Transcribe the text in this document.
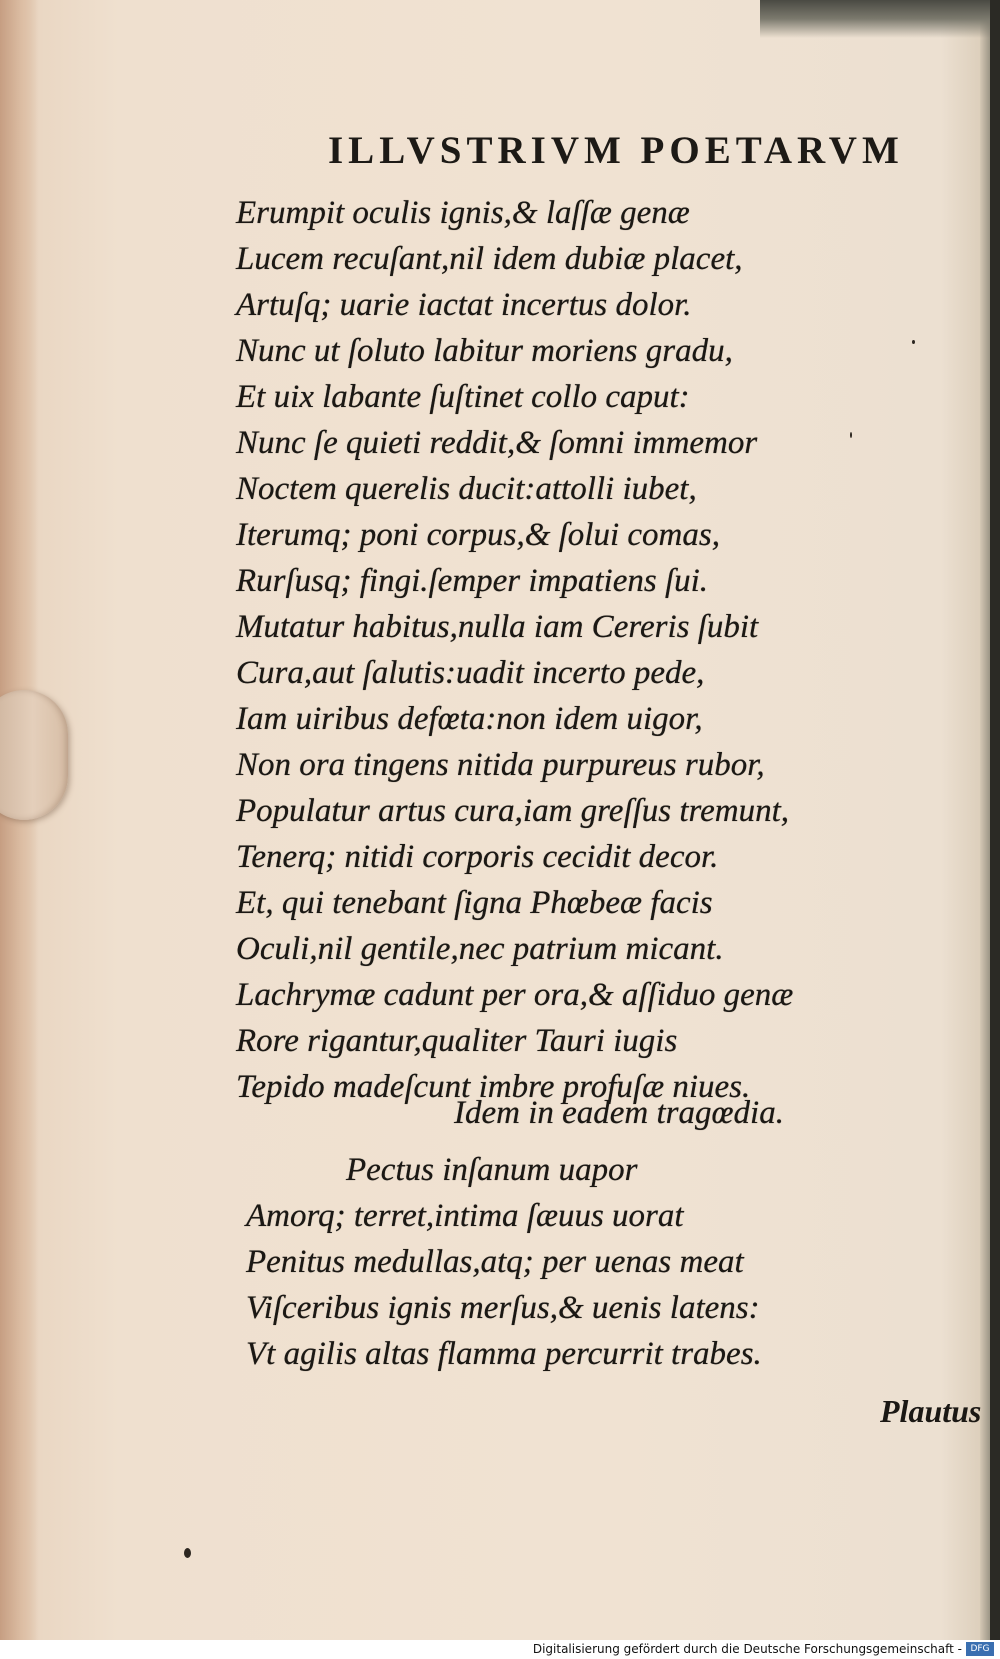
ILLVSTRIVM POETARVM
Erumpit oculis ignis,& laſſæ genæ
Lucem recuſant,nil idem dubiæ placet,
Artuſq; uarie iactat incertus dolor.
Nunc ut ſoluto labitur moriens gradu,
Et uix labante ſuſtinet collo caput:
Nunc ſe quieti reddit,& ſomni immemor
Noctem querelis ducit:attolli iubet,
Iterumq; poni corpus,& ſolui comas,
Rurſusq; fingi.ſemper impatiens ſui.
Mutatur habitus,nulla iam Cereris ſubit
Cura,aut ſalutis:uadit incerto pede,
Iam uiribus defœta:non idem uigor,
Non ora tingens nitida purpureus rubor,
Populatur artus cura,iam greſſus tremunt,
Tenerq; nitidi corporis cecidit decor.
Et, qui tenebant ſigna Phœbeæ facis
Oculi,nil gentile,nec patrium micant.
Lachrymæ cadunt per ora,& aſſiduo genæ
Rore rigantur,qualiter Tauri iugis
Tepido madeſcunt imbre profuſæ niues.
Idem in eadem tragœdia.
Pectus inſanum uapor
Amorq; terret,intima ſæuus uorat
Penitus medullas,atq; per uenas meat
Viſceribus ignis merſus,& uenis latens:
Vt agilis altas flamma percurrit trabes.
Plautus
Digitalisierung gefördert durch die Deutsche Forschungsgemeinschaft - DFG
